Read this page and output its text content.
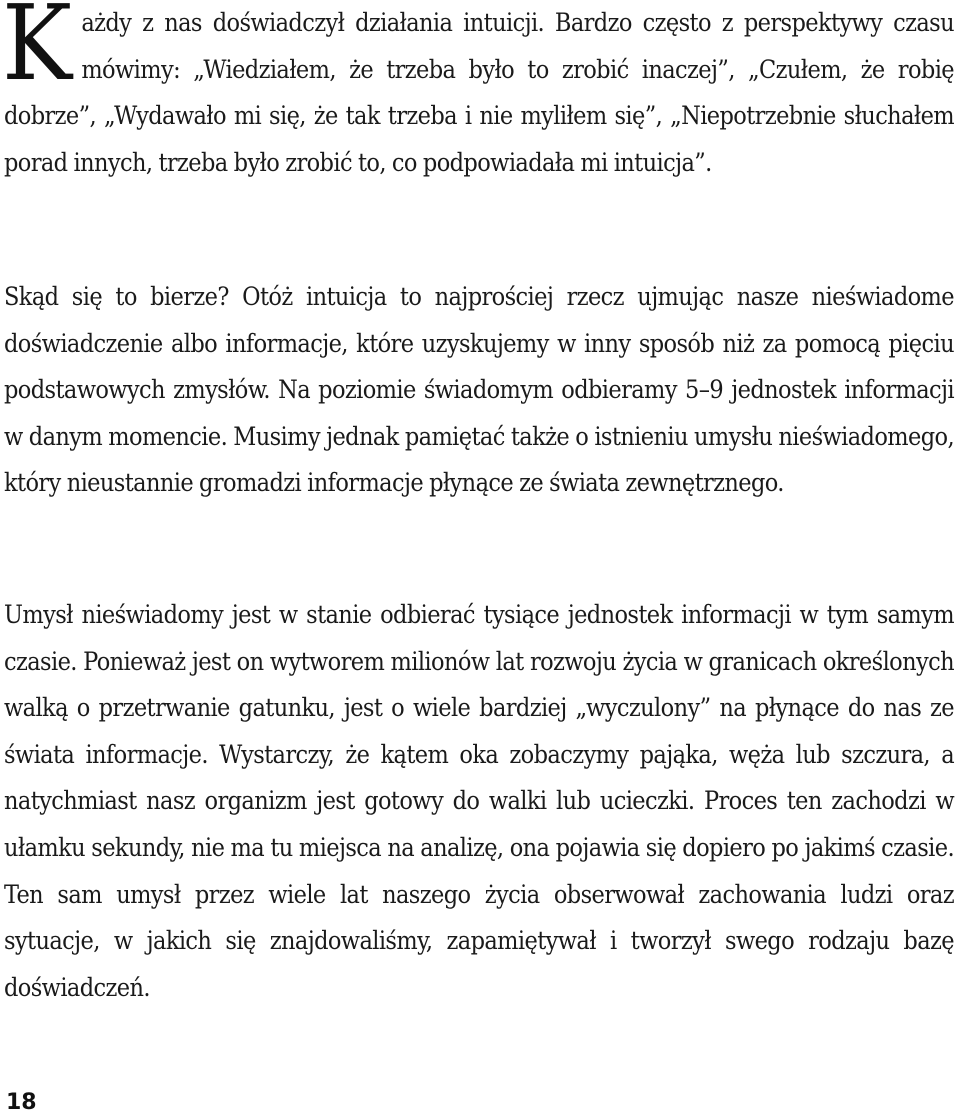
Każdy z nas doświadczył działania intuicji. Bardzo często z perspektywy czasu mówimy: „Wiedziałem, że trzeba było to zrobić inaczej”, „Czułem, że robię dobrze”, „Wydawało mi się, że tak trzeba i nie myliłem się”, „Niepotrzebnie słuchałem porad innych, trzeba było zrobić to, co podpowiadała mi intuicja”.

Skąd się to bierze? Otóż intuicja to najprościej rzecz ujmując nasze nieświadome doświadczenie albo informacje, które uzyskujemy w inny sposób niż za pomocą pięciu podstawowych zmysłów. Na poziomie świadomym odbieramy 5–9 jednostek informacji w danym momencie. Musimy jednak pamiętać także o istnieniu umysłu nieświadomego, który nieustannie gromadzi informacje płynące ze świata zewnętrznego.

Umysł nieświadomy jest w stanie odbierać tysiące jednostek informacji w tym samym czasie. Ponieważ jest on wytworem milionów lat rozwoju życia w granicach określonych walką o przetrwanie gatunku, jest o wiele bardziej „wyczulony” na płynące do nas ze świata informacje. Wystarczy, że kątem oka zobaczymy pająka, węża lub szczura, a natychmiast nasz organizm jest gotowy do walki lub ucieczki. Proces ten zachodzi w ułamku sekundy, nie ma tu miejsca na analizę, ona pojawia się dopiero po jakimś czasie. Ten sam umysł przez wiele lat naszego życia obserwował zachowania ludzi oraz sytuacje, w jakich się znajdowaliśmy, zapamiętywał i tworzył swego rodzaju bazę doświadczeń.

18
